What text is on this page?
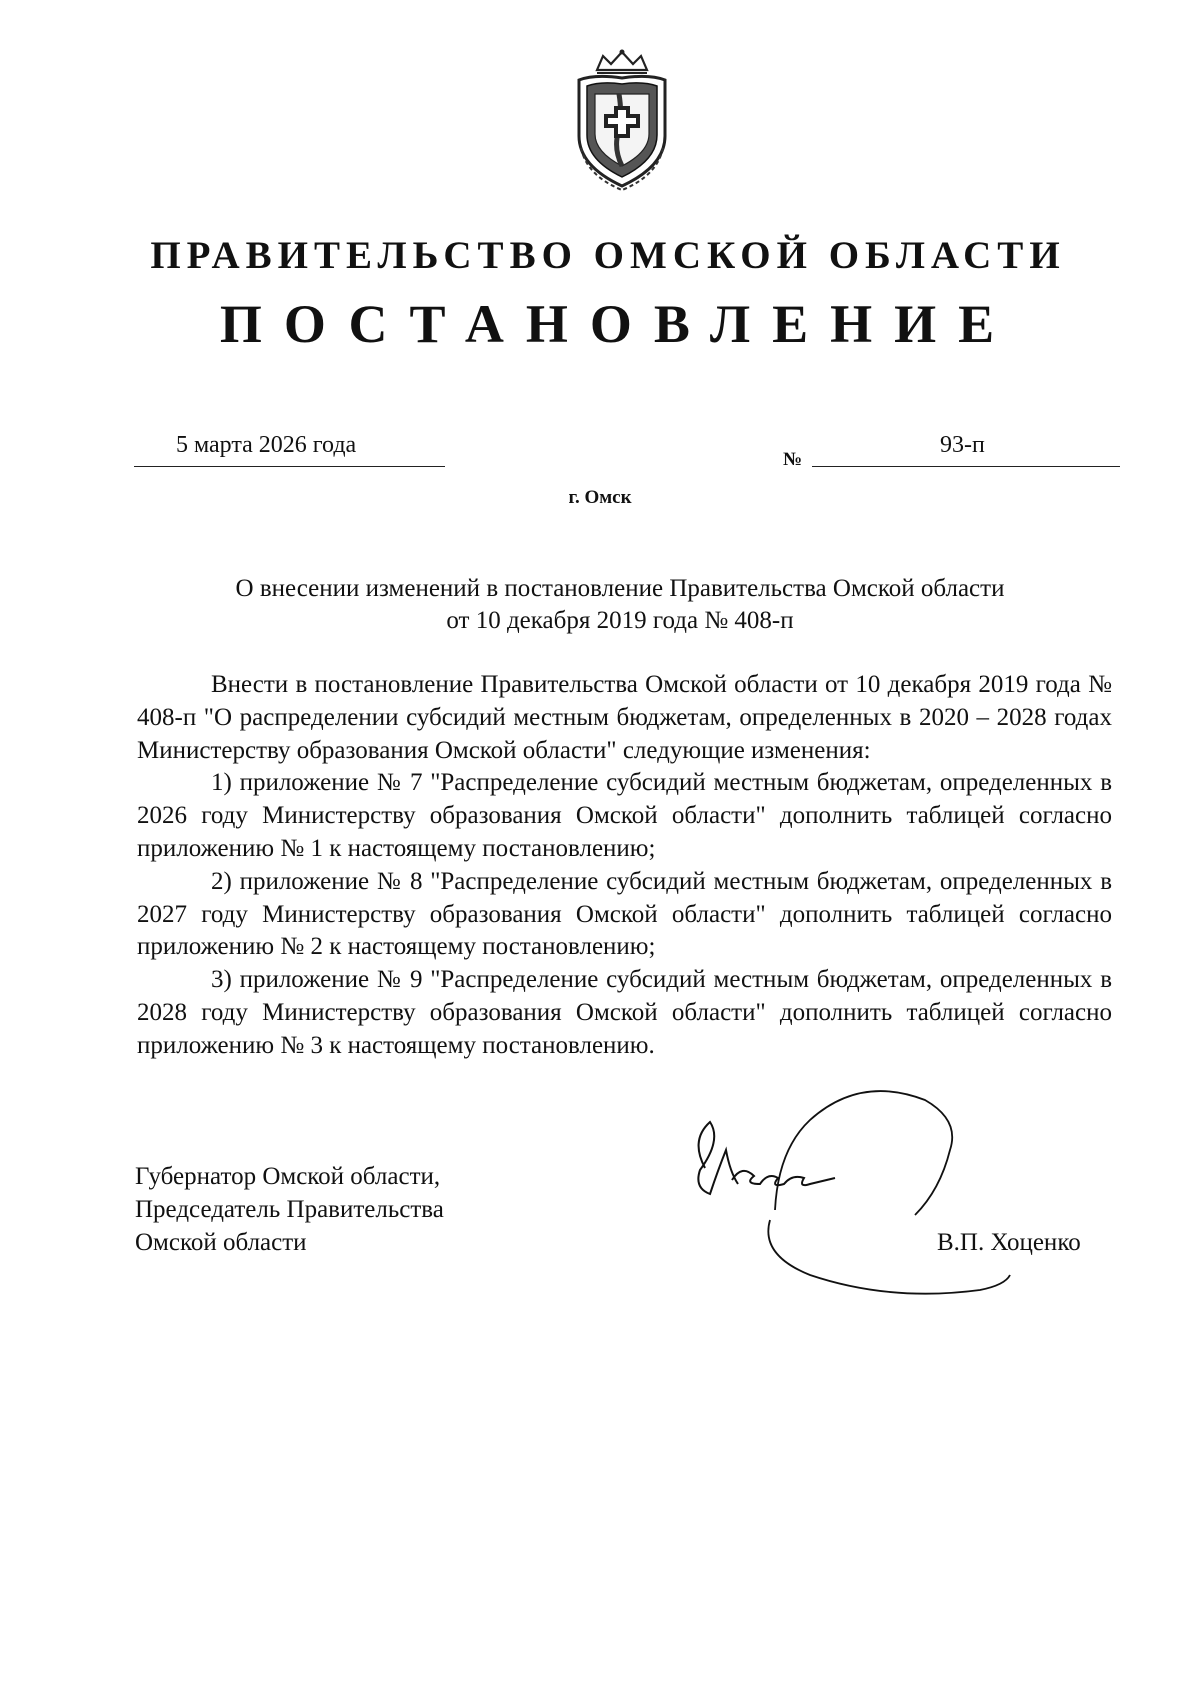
ПРАВИТЕЛЬСТВО ОМСКОЙ ОБЛАСТИ
ПОСТАНОВЛЕНИЕ
5 марта 2026 года
№
93-п
г. Омск
О внесении изменений в постановление Правительства Омской области
от 10 декабря 2019 года № 408-п

Внести в постановление Правительства Омской области от 10 декабря 2019 года № 408-п "О распределении субсидий местным бюджетам, определенных в 2020 – 2028 годах Министерству образования Омской области" следующие изменения:

1) приложение № 7 "Распределение субсидий местным бюджетам, определенных в 2026 году Министерству образования Омской области" дополнить таблицей согласно приложению № 1 к настоящему постановлению;

2) приложение № 8 "Распределение субсидий местным бюджетам, определенных в 2027 году Министерству образования Омской области" дополнить таблицей согласно приложению № 2 к настоящему постановлению;

3) приложение № 9 "Распределение субсидий местным бюджетам, определенных в 2028 году Министерству образования Омской области" дополнить таблицей согласно приложению № 3 к настоящему постановлению.

Губернатор Омской области,
Председатель Правительства
Омской области	В.П. Хоценко
